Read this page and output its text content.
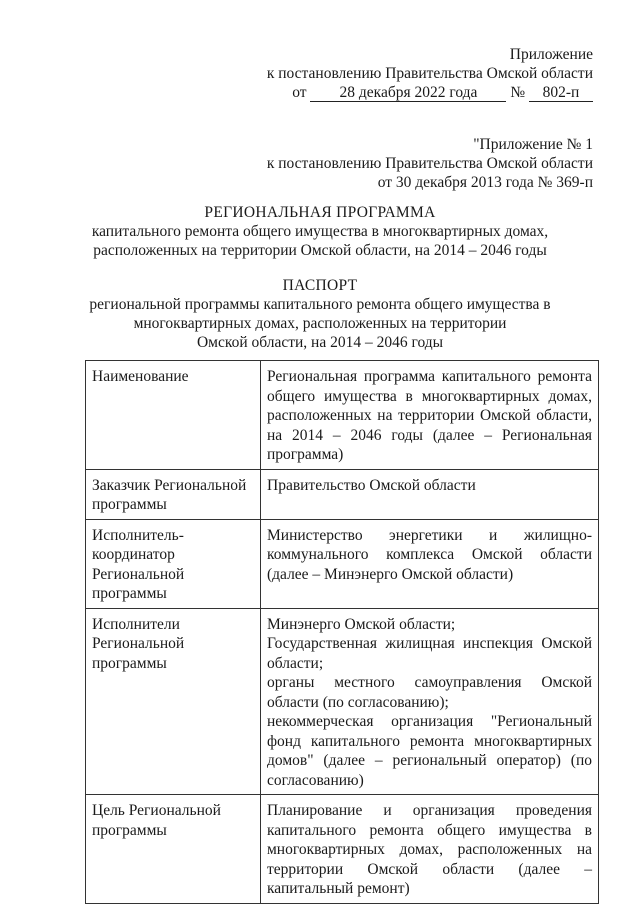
Приложение
к постановлению Правительства Омской области
от 28 декабря 2022 года № 802-п
"Приложение № 1
к постановлению Правительства Омской области
от 30 декабря 2013 года № 369-п
РЕГИОНАЛЬНАЯ ПРОГРАММА
капитального ремонта общего имущества в многоквартирных домах,
расположенных на территории Омской области, на 2014 – 2046 годы
ПАСПОРТ
региональной программы капитального ремонта общего имущества в
многоквартирных домах, расположенных на территории
Омской области, на 2014 – 2046 годы
Наименование	Региональная программа капитального ремонта общего имущества в многоквартирных домах, расположенных на территории Омской области, на 2014 – 2046 годы (далее – Региональная программа)

Заказчик Региональной программы	Правительство Омской области

Исполнитель-координатор Региональной программы	Министерство энергетики и жилищно-коммунального комплекса Омской области (далее – Минэнерго Омской области)

Исполнители Региональной программы	Минэнерго Омской области;
Государственная жилищная инспекция Омской области;
органы местного самоуправления Омской области (по согласованию);
некоммерческая организация "Региональный фонд капитального ремонта многоквартирных домов" (далее – региональный оператор) (по согласованию)

Цель Региональной программы	Планирование и организация проведения капитального ремонта общего имущества в многоквартирных домах, расположенных на территории Омской области (далее – капитальный ремонт)
